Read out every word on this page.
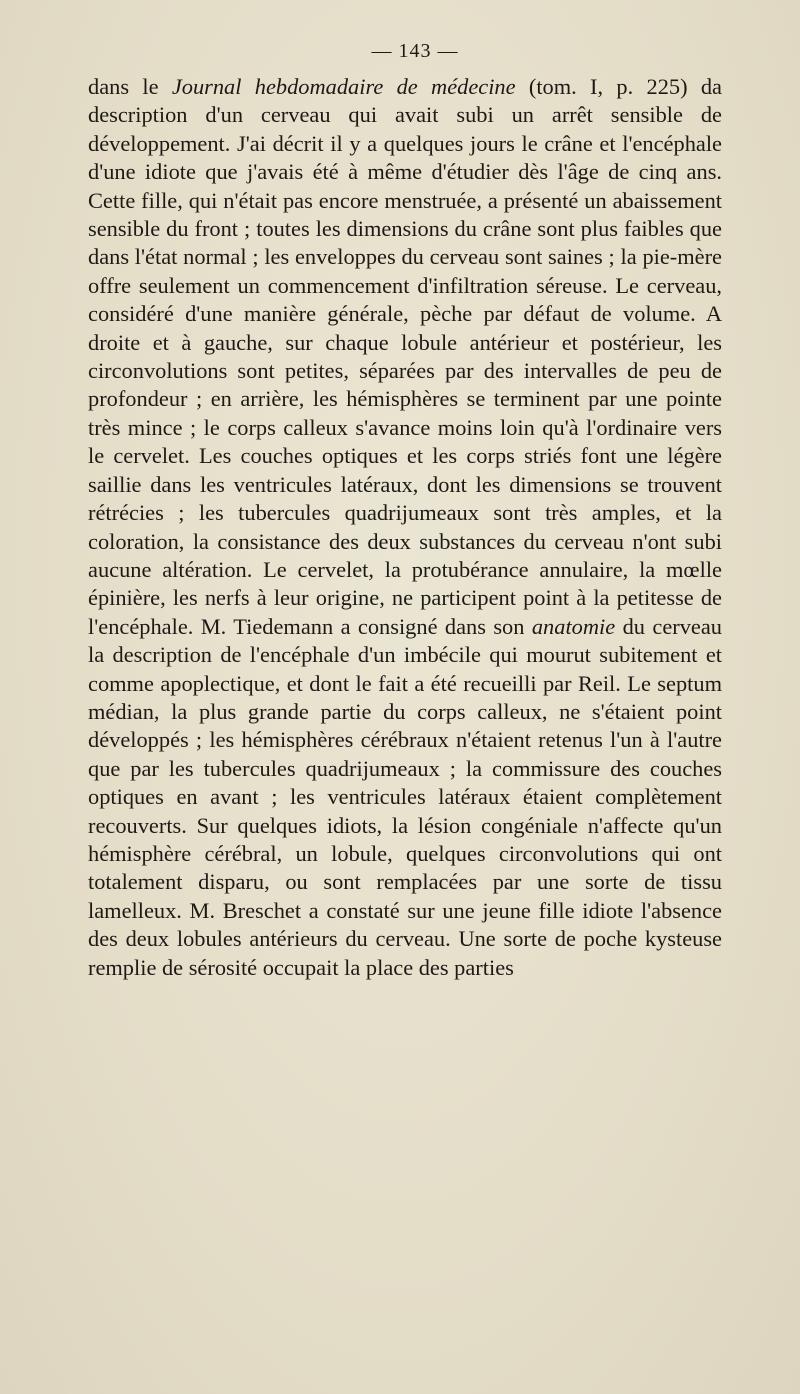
— 143 —

dans le Journal hebdomadaire de médecine (tom. I, p. 225) da description d'un cerveau qui avait subi un arrêt sensible de développement. J'ai décrit il y a quelques jours le crâne et l'encéphale d'une idiote que j'avais été à même d'étudier dès l'âge de cinq ans. Cette fille, qui n'était pas encore menstruée, a présenté un abaissement sensible du front ; toutes les dimensions du crâne sont plus faibles que dans l'état normal ; les enveloppes du cerveau sont saines ; la pie-mère offre seulement un commencement d'infiltration séreuse. Le cerveau, considéré d'une manière générale, pèche par défaut de volume. A droite et à gauche, sur chaque lobule antérieur et postérieur, les circonvolutions sont petites, séparées par des intervalles de peu de profondeur ; en arrière, les hémisphères se terminent par une pointe très mince ; le corps calleux s'avance moins loin qu'à l'ordinaire vers le cervelet. Les couches optiques et les corps striés font une légère saillie dans les ventricules latéraux, dont les dimensions se trouvent rétrécies ; les tubercules quadrijumeaux sont très amples, et la coloration, la consistance des deux substances du cerveau n'ont subi aucune altération. Le cervelet, la protubérance annulaire, la mœlle épinière, les nerfs à leur origine, ne participent point à la petitesse de l'encéphale. M. Tiedemann a consigné dans son anatomie du cerveau la description de l'encéphale d'un imbécile qui mourut subitement et comme apoplectique, et dont le fait a été recueilli par Reil. Le septum médian, la plus grande partie du corps calleux, ne s'étaient point développés ; les hémisphères cérébraux n'étaient retenus l'un à l'autre que par les tubercules quadrijumeaux ; la commissure des couches optiques en avant ; les ventricules latéraux étaient complètement recouverts. Sur quelques idiots, la lésion congéniale n'affecte qu'un hémisphère cérébral, un lobule, quelques circonvolutions qui ont totalement disparu, ou sont remplacées par une sorte de tissu lamelleux. M. Breschet a constaté sur une jeune fille idiote l'absence des deux lobules antérieurs du cerveau. Une sorte de poche kysteuse remplie de sérosité occupait la place des parties
